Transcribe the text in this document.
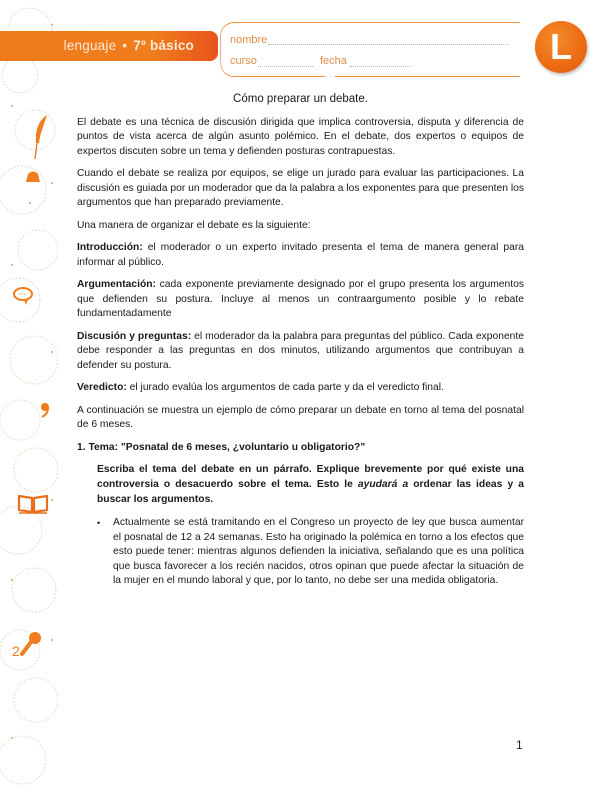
2
lenguaje • 7º básico	nombre
curso	fecha	L
Cómo preparar un debate.

El debate es una técnica de discusión dirigida que implica controversia, disputa y diferencia de puntos de vista acerca de algún asunto polémico. En el debate, dos expertos o equipos de expertos discuten sobre un tema y defienden posturas contrapuestas.

Cuando el debate se realiza por equipos, se elige un jurado para evaluar las participaciones. La discusión es guiada por un moderador que da la palabra a los exponentes para que presenten los argumentos que han preparado previamente.

Una manera de organizar el debate es la siguiente:

Introducción: el moderador o un experto invitado presenta el tema de manera general para informar al público.

Argumentación: cada exponente previamente designado por el grupo presenta los argumentos que defienden su postura. Incluye al menos un contraargumento posible y lo rebate fundamentadamente

Discusión y preguntas: el moderador da la palabra para preguntas del público. Cada exponente debe responder a las preguntas en dos minutos, utilizando argumentos que contribuyan a defender su postura.

Veredicto: el jurado evalúa los argumentos de cada parte y da el veredicto final.

A continuación se muestra un ejemplo de cómo preparar un debate en torno al tema del posnatal de 6 meses.

1. Tema: "Posnatal de 6 meses, ¿voluntario u obligatorio?"

Escriba el tema del debate en un párrafo. Explique brevemente por qué existe una controversia o desacuerdo sobre el tema. Esto le ayudará a ordenar las ideas y a buscar los argumentos.

• Actualmente se está tramitando en el Congreso un proyecto de ley que busca aumentar el posnatal de 12 a 24 semanas. Esto ha originado la polémica en torno a los efectos que esto puede tener: mientras algunos defienden la iniciativa, señalando que es una política que busca favorecer a los recién nacidos, otros opinan que puede afectar la situación de la mujer en el mundo laboral y que, por lo tanto, no debe ser una medida obligatoria.
1
